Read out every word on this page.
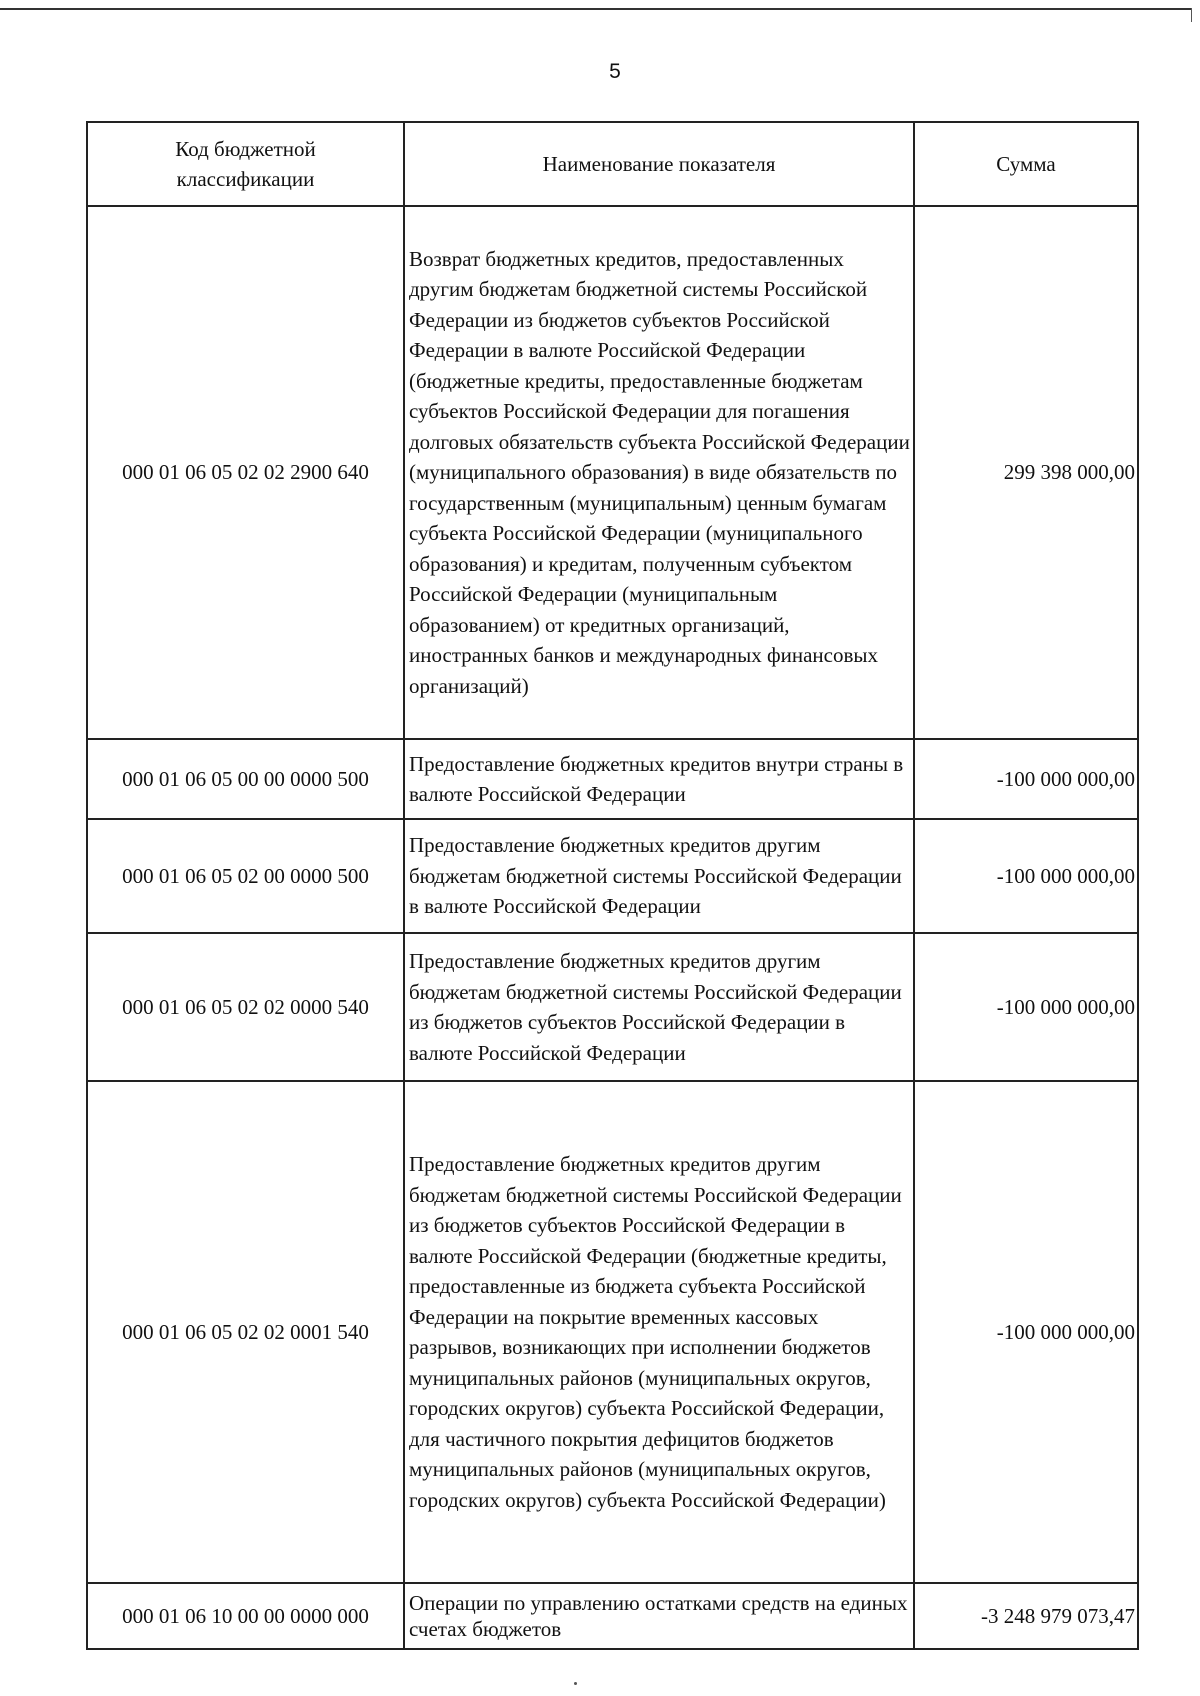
5
Код бюджетной классификации	Наименование показателя	Сумма
000 01 06 05 02 02 2900 640	Возврат бюджетных кредитов, предоставленных другим бюджетам бюджетной системы Российской Федерации из бюджетов субъектов Российской Федерации в валюте Российской Федерации (бюджетные кредиты, предоставленные бюджетам субъектов Российской Федерации для погашения долговых обязательств субъекта Российской Федерации (муниципального образования) в виде обязательств по государственным (муниципальным) ценным бумагам субъекта Российской Федерации (муниципального образования) и кредитам, полученным субъектом Российской Федерации (муниципальным образованием) от кредитных организаций, иностранных банков и международных финансовых организаций)	299 398 000,00
000 01 06 05 00 00 0000 500	Предоставление бюджетных кредитов внутри страны в валюте Российской Федерации	-100 000 000,00
000 01 06 05 02 00 0000 500	Предоставление бюджетных кредитов другим бюджетам бюджетной системы Российской Федерации в валюте Российской Федерации	-100 000 000,00
000 01 06 05 02 02 0000 540	Предоставление бюджетных кредитов другим бюджетам бюджетной системы Российской Федерации из бюджетов субъектов Российской Федерации в валюте Российской Федерации	-100 000 000,00
000 01 06 05 02 02 0001 540	Предоставление бюджетных кредитов другим бюджетам бюджетной системы Российской Федерации из бюджетов субъектов Российской Федерации в валюте Российской Федерации (бюджетные кредиты, предоставленные из бюджета субъекта Российской Федерации на покрытие временных кассовых разрывов, возникающих при исполнении бюджетов муниципальных районов (муниципальных округов, городских округов) субъекта Российской Федерации, для частичного покрытия дефицитов бюджетов муниципальных районов (муниципальных округов, городских округов) субъекта Российской Федерации)	-100 000 000,00
000 01 06 10 00 00 0000 000	Операции по управлению остатками средств на единых счетах бюджетов	-3 248 979 073,47
